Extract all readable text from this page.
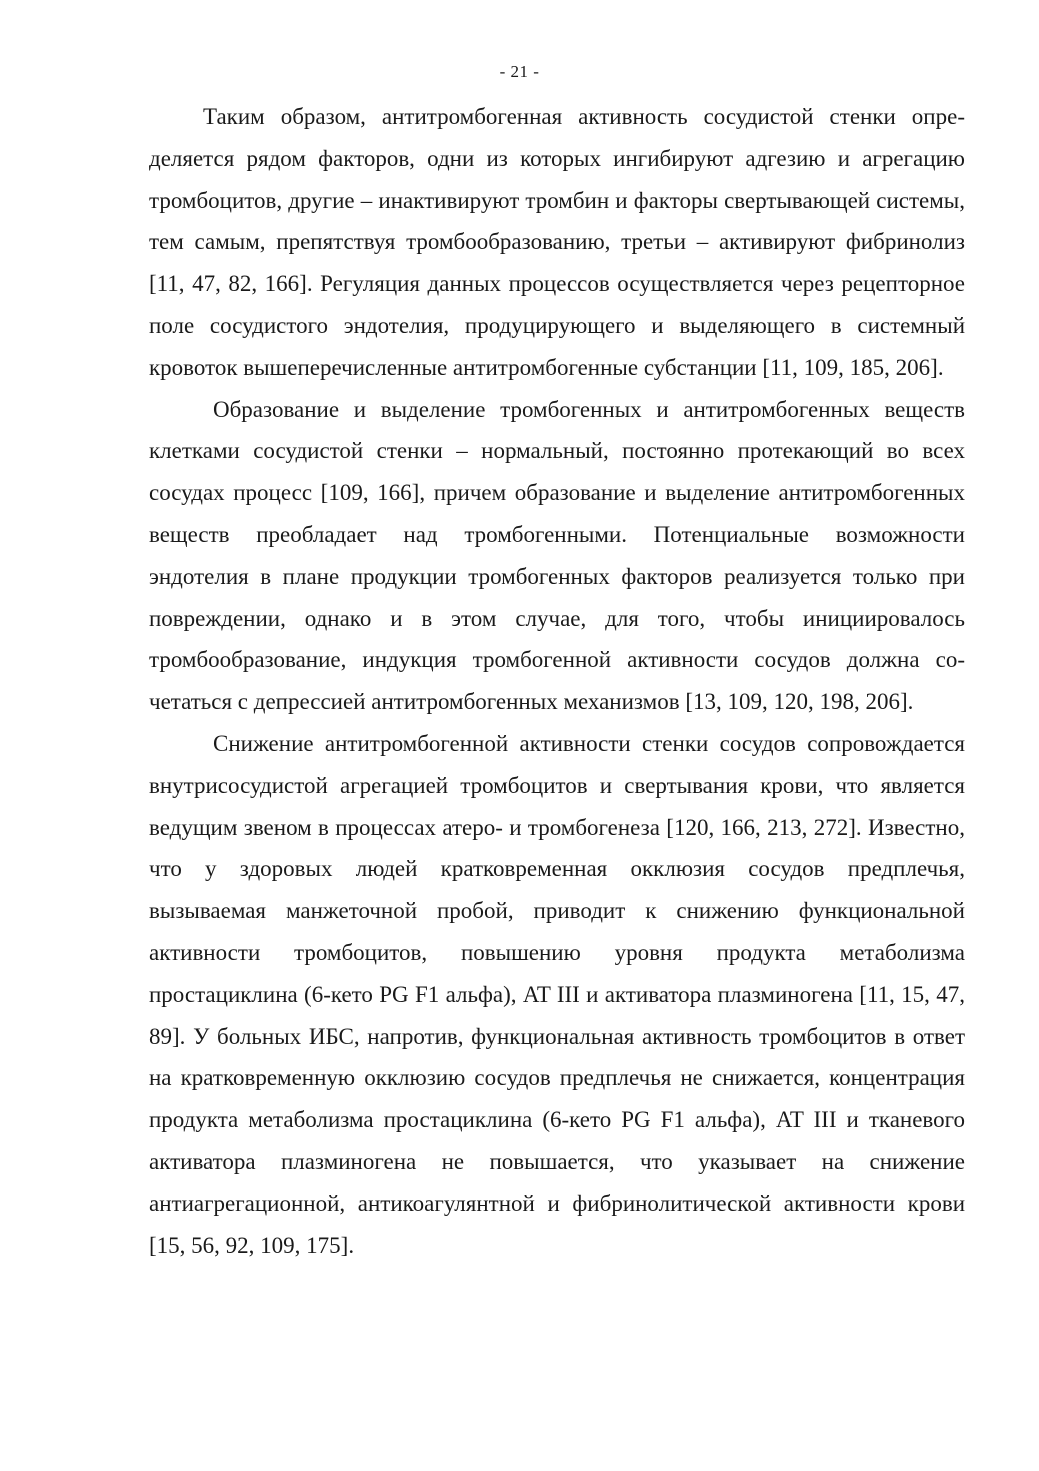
- 21 -

Таким образом, антитромбогенная активность сосудистой стенки определяется рядом факторов, одни из которых ингибируют адгезию и агрегацию тромбоцитов, другие – инактивируют тромбин и факторы свертывающей системы, тем самым, препятствуя тромбообразованию, третьи – активируют фибринолиз [11, 47, 82, 166]. Регуляция данных процессов осуществляется через рецепторное поле сосудистого эндотелия, продуцирующего и выделяющего в системный кровоток вышеперечисленные антитромбогенные субстанции [11, 109, 185, 206].

Образование и выделение тромбогенных и антитромбогенных веществ клетками сосудистой стенки – нормальный, постоянно протекающий во всех сосудах процесс [109, 166], причем образование и выделение антитромбогенных веществ преобладает над тромбогенными. Потенциальные возможности эндотелия в плане продукции тромбогенных факторов реализуется только при повреждении, однако и в этом случае, для того, чтобы инициировалось тромбообразование, индукция тромбогенной активности сосудов должна сочетаться с депрессией антитромбогенных механизмов [13, 109, 120, 198, 206].

Снижение антитромбогенной активности стенки сосудов сопровождается внутрисосудистой агрегацией тромбоцитов и свертывания крови, что является ведущим звеном в процессах атеро- и тромбогенеза [120, 166, 213, 272]. Известно, что у здоровых людей кратковременная окклюзия сосудов предплечья, вызываемая манжеточной пробой, приводит к снижению функциональной активности тромбоцитов, повышению уровня продукта метаболизма простациклина (6-кето PG F1 альфа), AT III и активатора плазминогена [11, 15, 47, 89]. У больных ИБС, напротив, функциональная активность тромбоцитов в ответ на кратковременную окклюзию сосудов предплечья не снижается, концентрация продукта метаболизма простациклина (6-кето PG F1 альфа), AT III и тканевого активатора плазминогена не повышается, что указывает на снижение антиагрегационной, антикоагулянтной и фибринолитической активности крови [15, 56, 92, 109, 175].
